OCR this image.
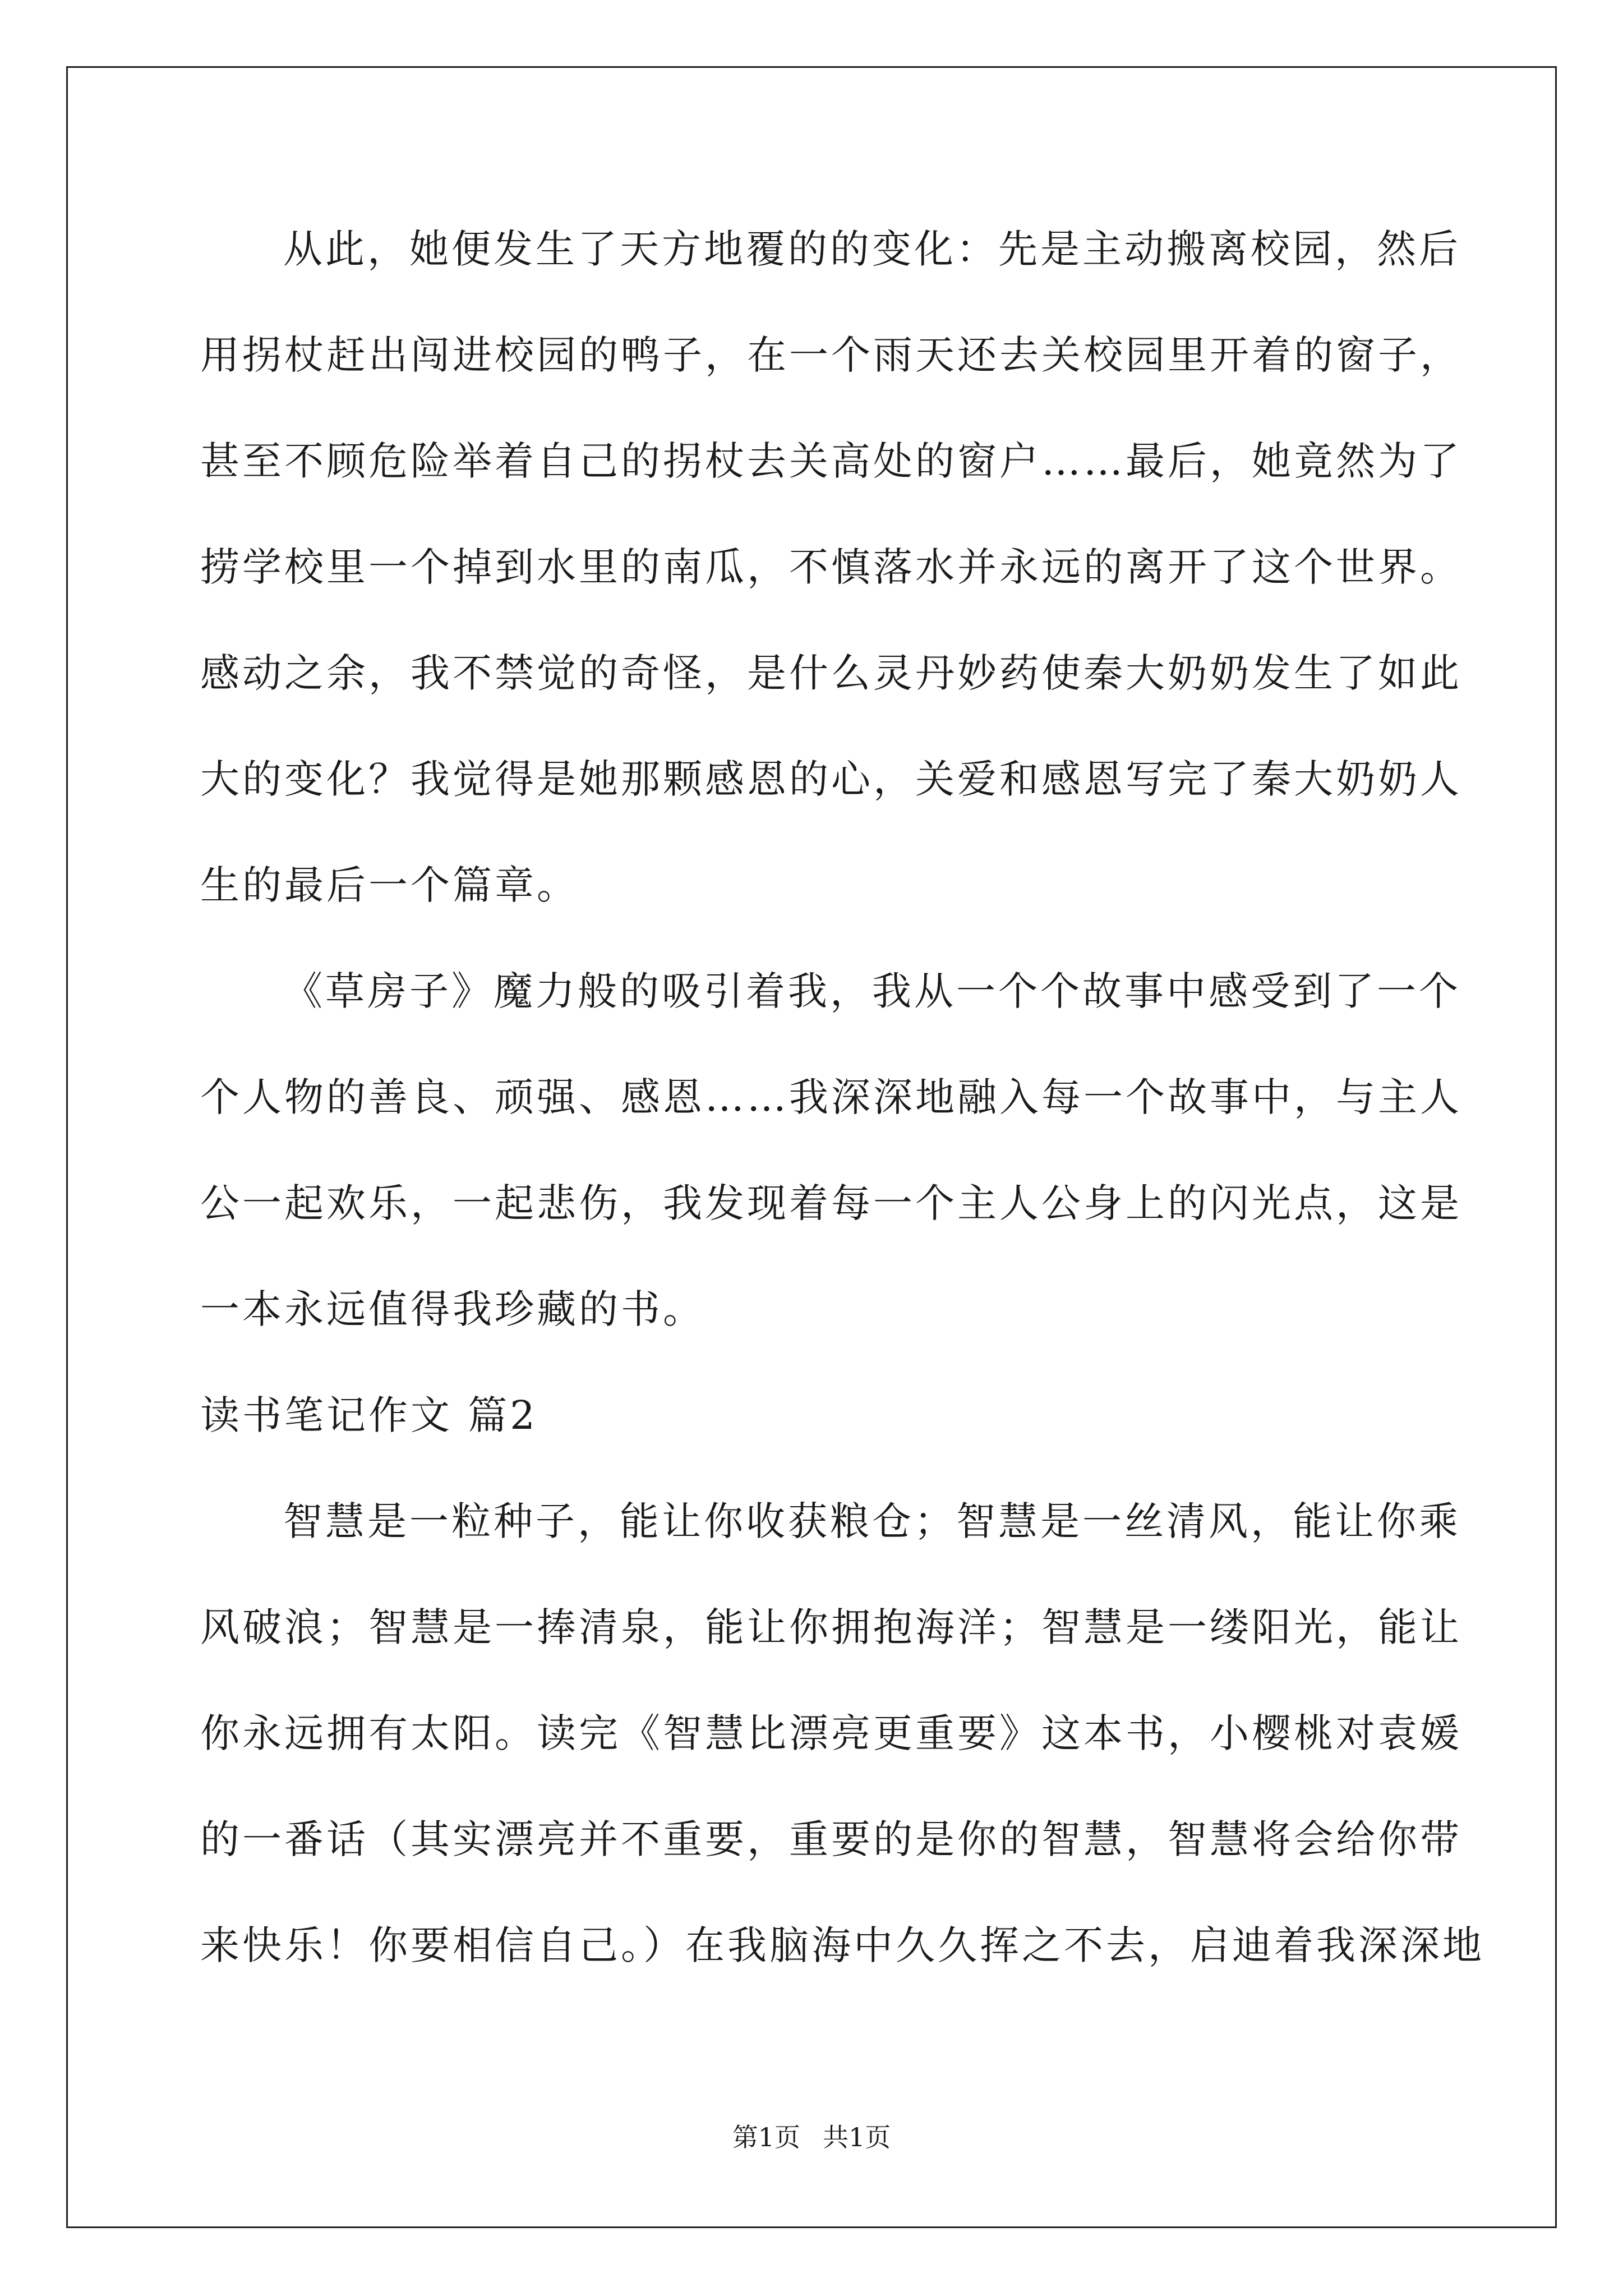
从此，她便发生了天方地覆的的变化：先是主动搬离校园，然后
用拐杖赶出闯进校园的鸭子，在一个雨天还去关校园里开着的窗子，
甚至不顾危险举着自己的拐杖去关高处的窗户……最后，她竟然为了
捞学校里一个掉到水里的南瓜，不慎落水并永远的离开了这个世界。
感动之余，我不禁觉的奇怪，是什么灵丹妙药使秦大奶奶发生了如此
大的变化？我觉得是她那颗感恩的心，关爱和感恩写完了秦大奶奶人
生的最后一个篇章。
《草房子》魔力般的吸引着我，我从一个个故事中感受到了一个
个人物的善良、顽强、感恩……我深深地融入每一个故事中，与主人
公一起欢乐，一起悲伤，我发现着每一个主人公身上的闪光点，这是
一本永远值得我珍藏的书。
读书笔记作文 篇2
智慧是一粒种子，能让你收获粮仓；智慧是一丝清风，能让你乘
风破浪；智慧是一捧清泉，能让你拥抱海洋；智慧是一缕阳光，能让
你永远拥有太阳。读完《智慧比漂亮更重要》这本书，小樱桃对袁媛
的一番话（其实漂亮并不重要，重要的是你的智慧，智慧将会给你带
来快乐！你要相信自己。）在我脑海中久久挥之不去，启迪着我深深地
第1页 共1页
